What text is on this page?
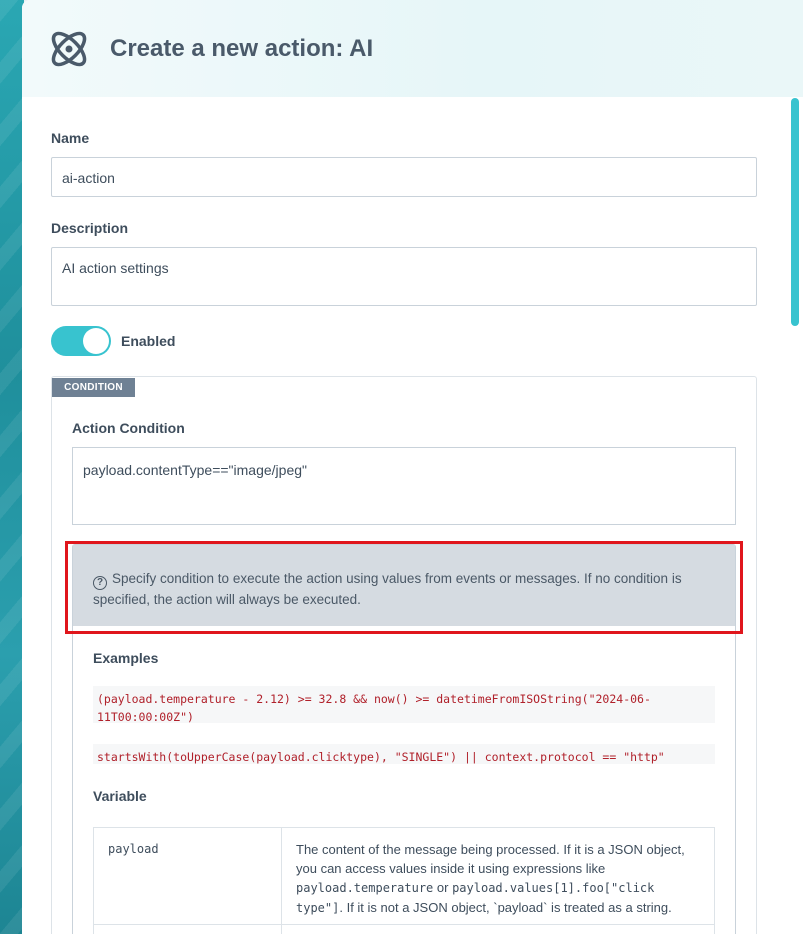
Create a new action: AI
Name
ai-action
Description
AI action settings
Enabled
CONDITION
Action Condition
payload.contentType=="image/jpeg"
? Specify condition to execute the action using values from events or messages. If no condition is specified, the action will always be executed.
Examples
(payload.temperature - 2.12) >= 32.8 && now() >= datetimeFromISOString("2024-06-11T00:00:00Z")
startsWith(toUpperCase(payload.clicktype), "SINGLE") || context.protocol == "http"
Variable
payload	The content of the message being processed. If it is a JSON object, you can access values inside it using expressions like payload.temperature or payload.values[1].foo["click type"]. If it is not a JSON object, `payload` is treated as a string.
